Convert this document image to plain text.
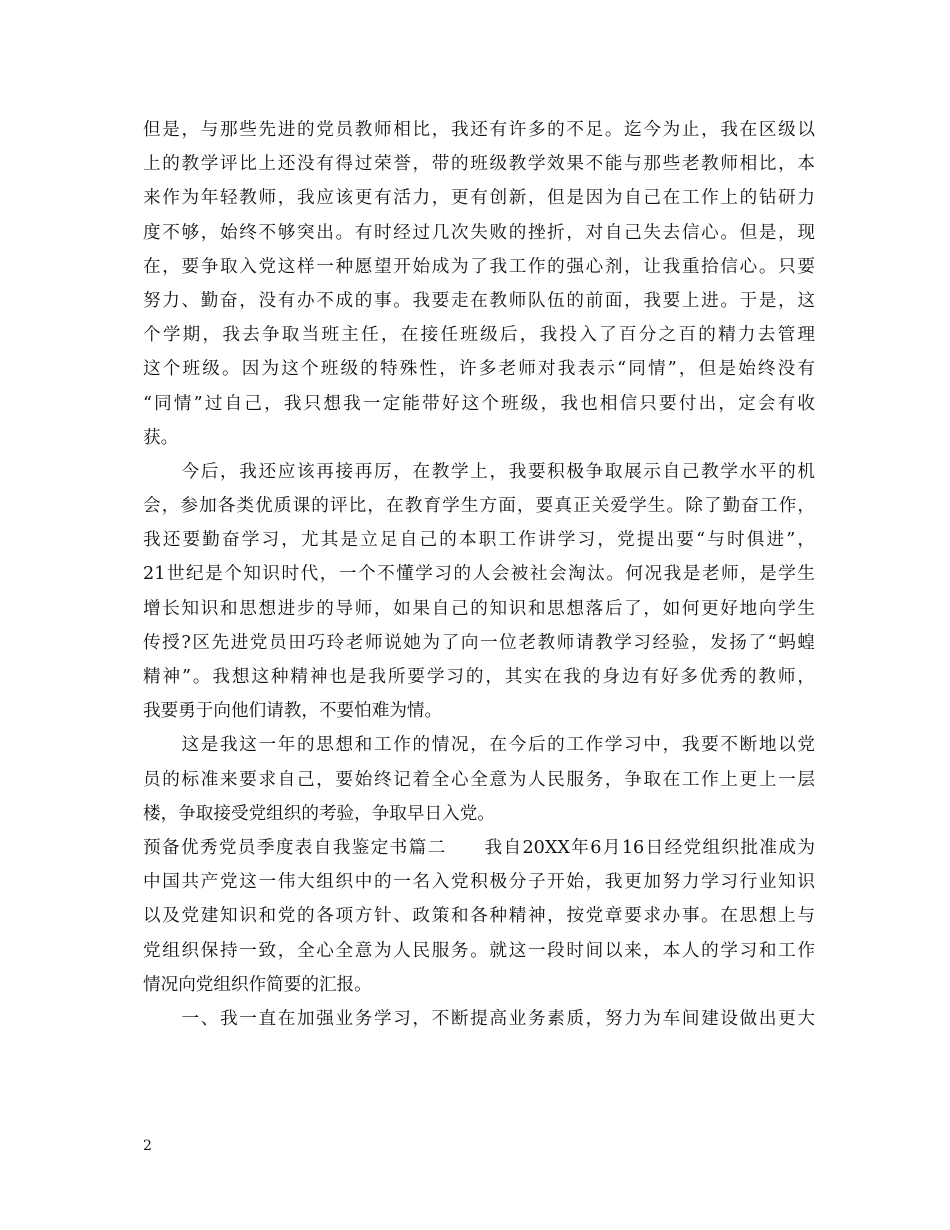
但是，与那些先进的党员教师相比，我还有许多的不足。迄今为止，我在区级以
上的教学评比上还没有得过荣誉，带的班级教学效果不能与那些老教师相比，本
来作为年轻教师，我应该更有活力，更有创新，但是因为自己在工作上的钻研力
度不够，始终不够突出。有时经过几次失败的挫折，对自己失去信心。但是，现
在，要争取入党这样一种愿望开始成为了我工作的强心剂，让我重拾信心。只要
努力、勤奋，没有办不成的事。我要走在教师队伍的前面，我要上进。于是，这
个学期，我去争取当班主任，在接任班级后，我投入了百分之百的精力去管理
这个班级。因为这个班级的特殊性，许多老师对我表示“同情”，但是始终没有
“同情”过自己，我只想我一定能带好这个班级，我也相信只要付出，定会有收
获。
　　今后，我还应该再接再厉，在教学上，我要积极争取展示自己教学水平的机
会，参加各类优质课的评比，在教育学生方面，要真正关爱学生。除了勤奋工作，
我还要勤奋学习，尤其是立足自己的本职工作讲学习，党提出要“与时俱进”，
21世纪是个知识时代，一个不懂学习的人会被社会淘汰。何况我是老师，是学生
增长知识和思想进步的导师，如果自己的知识和思想落后了，如何更好地向学生
传授?区先进党员田巧玲老师说她为了向一位老教师请教学习经验，发扬了“蚂蝗
精神”。我想这种精神也是我所要学习的，其实在我的身边有好多优秀的教师，
我要勇于向他们请教，不要怕难为情。
　　这是我这一年的思想和工作的情况，在今后的工作学习中，我要不断地以党
员的标准来要求自己，要始终记着全心全意为人民服务，争取在工作上更上一层
楼，争取接受党组织的考验，争取早日入党。
预备优秀党员季度表自我鉴定书篇二　　我自20XX年6月16日经党组织批准成为
中国共产党这一伟大组织中的一名入党积极分子开始，我更加努力学习行业知识
以及党建知识和党的各项方针、政策和各种精神，按党章要求办事。在思想上与
党组织保持一致，全心全意为人民服务。就这一段时间以来，本人的学习和工作
情况向党组织作简要的汇报。
　　一、我一直在加强业务学习，不断提高业务素质，努力为车间建设做出更大
2
